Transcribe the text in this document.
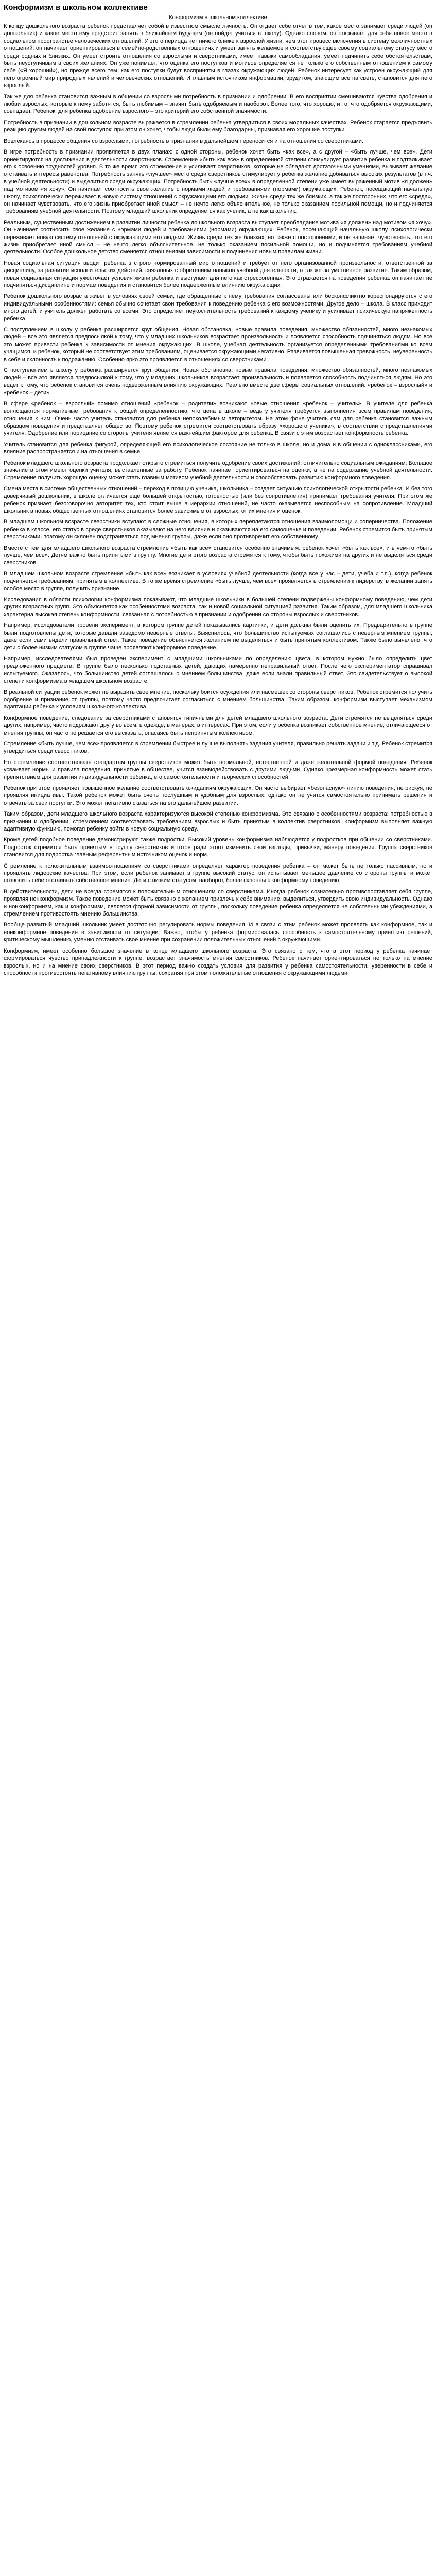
Конформизм в школьном коллективе
Конформизм в школьном коллективе

К концу дошкольного возраста ребенок представляет собой в известном смысле личность. Он отдает себе отчет в том, какое место занимает среди людей (он дошкольник) и какое место ему предстоит занять в ближайшем будущем (он пойдет учиться в школу). Однако словом, он открывает для себя новое место в социальном пространстве человеческих отношений. У этого периода нет ничего ближе к взрослой жизни, чем этот процесс включения в систему межличностных отношений: он начинает ориентироваться в семейно-родственных отношениях и умеет занять желаемое и соответствующее своему социальному статусу место среди родных и близких. Он умеет строить отношения со взрослыми и сверстниками, имеет навыки самообладания, умеет подчинить себе обстоятельствам, быть неуступчивым в своих желаниях. Он уже понимает, что оценка его поступков и мотивов определяется не только его собственным отношением к самому себе («Я хороший»), но прежде всего тем, как его поступки будут восприняты в глазах окружающих людей. Ребенок интересует как устроен окружающий для него огромный мир природных явлений и человеческих отношений. И главным источником информации, эрудитом, знающим все на свете, становится для него взрослый.

Так же для ребенка становится важным в общении со взрослыми потребность в признании и одобрении. В его восприятии смешиваются чувства одобрения и любви взрослых, которые к нему заботятся, быть любимым – значит быть одобряемым и наоборот. Более того, что хорошо, и то, что одобряется окружающими, совпадает. Ребенок, для ребенка одобрение взрослого – это критерий его собственной значимости.

Потребность в признании в дошкольном возрасте выражается в стремлении ребенка утвердиться в своих моральных качествах. Ребенок старается предъявить реакцию другим людей на свой поступок: при этом он хочет, чтобы люди были ему благодарны, признавая его хорошие поступки.

Вовлекаясь в процессе общения со взрослыми, потребность в признании в дальнейшем переносится и на отношения со сверстниками.

В игре потребность в признании проявляется в двух планах: с одной стороны, ребенок хочет быть «как все», а с другой – «быть лучше, чем все». Дети ориентируются на достижения в деятельности сверстников. Стремление «быть как все» в определенной степени стимулирует развитие ребенка и подталкивает его к освоению трудностей уровня. В то же время это стремление и усиливает сверстников, которые не обладают достаточными умениями, вызывает желание отстаивать интересы равенства. Потребность занять «лучшее» место среди сверстников стимулирует у ребенка желание добиваться высоких результатов (в т.ч. в учебной деятельности) и выделиться среди окружающих. Потребность быть «лучше всех» в определенной степени уже имеет выраженный мотив «я должен» над мотивом «я хочу». Он начинает соотносить свое желание с нормами людей и требованиями (нормами) окружающих. Ребенок, посещающий начальную школу, психологически переживает в новую систему отношений с окружающими его людьми. Жизнь среди тех же близких, а так же посторонних, что его «среда», он начинает чувствовать, что его жизнь приобретает иной смысл – не нечто легко объяснительное, не только оказанием посильной помощи, но и подчиняется требованиям учебной деятельности. Поэтому младший школьник определяется как ученик, а не как школьник.

Реальным, существенным достижением в развитии личности ребенка дошкольного возраста выступает преобладание мотива «я должен» над мотивом «я хочу». Он начинает соотносить свое желание с нормами людей и требованиями (нормами) окружающих. Ребенок, посещающий начальную школу, психологически переживает новую систему отношений с окружающими его людьми. Жизнь среди тех же близких, но также с посторонними, и он начинает чувствовать, что его жизнь приобретает иной смысл – не нечто легко объяснительное, не только оказанием посильной помощи, но и подчиняется требованиям учебной деятельности. Особое дошкольное детство сменяется отношениями зависимости и подчинения новым правилам жизни.

Новая социальная ситуация вводит ребенка в строго нормированный мир отношений и требует от него организованной произвольности, ответственной за дисциплину, за развитие исполнительских действий, связанных с обретением навыков учебной деятельности, а так же за умственное развитие. Таким образом, новая социальная ситуация ужесточает условия жизни ребенка и выступает для него как стрессогенная. Это отражается на поведении ребенка: он начинает не подчиняться дисциплине и нормам поведения и становится более подверженным влиянию окружающих.

Ребенок дошкольного возраста живет в условиях своей семьи, где обращенные к нему требования согласованы или бесконфликтно кореспондируются с его индивидуальными особенностями: семья обычно сочетает свои требования к поведению ребенка с его возможностями. Другое дело – школа. В класс приходит много детей, и учитель должен работать со всеми. Это определяет неукоснительность требований к каждому ученику и усиливает психическую напряженность ребенка.

С поступлением в школу у ребенка расширяется круг общения. Новая обстановка, новые правила поведения, множество обязанностей, много незнакомых людей – все это является предпосылкой к тому, что у младших школьников возрастает произвольность и появляется способность подчиняться людям. Но все это может привести ребенка к зависимости от мнения окружающих. В школе, учебная деятельность организуется определенными требованиями ко всем учащимся, и ребенок, который не соответствует этим требованиям, оценивается окружающими негативно. Развивается повышенная тревожность, неуверенность в себе и склонность к подражанию. Особенно ярко это проявляется в отношениях со сверстниками.

С поступлением в школу у ребенка расширяется круг общения. Новая обстановка, новые правила поведения, множество обязанностей, много незнакомых людей – все это является предпосылкой к тому, что у младших школьников возрастает произвольность и появляется способность подчиняться людям. Но это ведет к тому, что ребенок становится очень подверженным влиянию окружающих. Реально вместе две сферы социальных отношений: «ребенок – взрослый» и «ребенок – дети».

В сфере «ребенок – взрослый» помимо отношений «ребенок – родители» возникают новые отношения «ребенок – учитель». В учителе для ребенка воплощаются нормативные требования к общей определенностию, что цена в школе – ведь у учителя требуется выполнения всем правилам поведения, отношения к ним. Очень часто учитель становится для ребенка непоколебимым авторитетом. На этом фоне учитель сам для ребенка становится важным образцом поведения и представляет общество. Поэтому ребенок стремится соответствовать образу «хорошего ученика», в соответствии с представлениями учителя. Одобрение или порицание со стороны учителя является важнейшим фактором для ребенка. В связи с этим возрастает конформность ребенка.

Учитель становится для ребенка фигурой, определяющей его психологическое состояние не только в школе, но и дома и в общении с одноклассниками, его влияние распространяется и на отношения в семье.

Ребенок младшего школьного возраста продолжает открыто стремиться получить одобрение своих достижений, отличительно социальным ожиданиям. Большое значение в этом имеют оценки учителя, выставленные за работу. Ребенок начинает ориентироваться на оценки, а не на содержание учебной деятельности. Стремление получить хорошую оценку может стать главным мотивом учебной деятельности и способствовать развитию конформного поведения.

Смена места в системе общественных отношений – переход в позицию ученика, школьника – создает ситуацию психологической открытости ребенка. И без того доверчивый дошкольник, в школе отличается еще большей открытостью, готовностью (или без сопротивления) принимает требования учителя. При этом же ребенок признает безоговорочно авторитет тех, кто стоит выше в иерархии отношений, не часто оказывается неспособным на сопротивление. Младший школьник в новых общественных отношениях становится более зависимым от взрослых, от их мнения и оценок.

В младшем школьном возрасте сверстники вступают в сложные отношения, в которых переплетаются отношения взаимопомощи и соперничества. Положение ребенка в классе, его статус в среде сверстников оказывают на него влияние и сказываются на его самооценке и поведении. Ребенок стремится быть принятым сверстниками, поэтому он склонен подстраиваться под мнения группы, даже если оно противоречит его собственному.

Вместе с тем для младшего школьного возраста стремление «быть как все» становится особенно значимым: ребенок хочет «быть как все», и в чем-то «быть лучше, чем все». Детям важно быть принятыми в группу. Многие дети этого возраста стремятся к тому, чтобы быть похожими на других и не выделяться среди сверстников.

В младшем школьном возрасте стремление «быть как все» возникает в условиях учебной деятельности (когда все у нас – дети, учеба и т.п.), когда ребенок подчиняется требованиям, принятым в коллективе. В то же время стремление «быть лучше, чем все» проявляется в стремлении к лидерству, в желании занять особое место в группе, получить признание.

Исследования в области психологии конформизма показывают, что младшие школьники в большей степени подвержены конформному поведению, чем дети других возрастных групп. Это объясняется как особенностями возраста, так и новой социальной ситуацией развития. Таким образом, для младшего школьника характерна высокая степень конформности, связанная с потребностью в признании и одобрении со стороны взрослых и сверстников.

Например, исследователи провели эксперимент, в котором группе детей показывались картинки, и дети должны были оценить их. Предварительно в группе были подготовлены дети, которые давали заведомо неверные ответы. Выяснилось, что большинство испытуемых соглашались с неверным мнением группы, даже если сами видели правильный ответ. Такое поведение объясняется желанием не выделяться и быть принятым коллективом. Также было выявлено, что дети с более низким статусом в группе чаще проявляют конформное поведение.

Например, исследователями был проведен эксперимент с младшими школьниками по определению цвета, в котором нужно было определить цвет предложенного предмета. В группе было несколько подставных детей, дающих намеренно неправильный ответ. После чего экспериментатор спрашивал испытуемого. Оказалось, что большинство детей соглашалось с мнением большинства, даже если знали правильный ответ. Это свидетельствует о высокой степени конформизма в младшем школьном возрасте.

В реальной ситуации ребенок может не выразить свое мнение, поскольку боится осуждения или насмешек со стороны сверстников. Ребенок стремится получить одобрение и признание от группы, поэтому часто предпочитает согласиться с мнением большинства. Таким образом, конформизм выступает механизмом адаптации ребенка к условиям школьного коллектива.

Конформное поведение, следование за сверстниками становятся типичными для детей младшего школьного возраста. Дети стремятся не выделяться среди других, например, часто подражают другу во всем: в одежде, в манерах, в интересах. При этом, если у ребенка возникает собственное мнение, отличающееся от мнения группы, он часто не решается его высказать, опасаясь быть непринятым коллективом.

Стремление «быть лучше, чем все» проявляется в стремлении быстрее и лучше выполнять задания учителя, правильно решать задачи и т.д. Ребенок стремится утвердиться среди сверстников.

Но стремление соответствовать стандартам группы сверстников может быть нормальной, естественной и даже желательной формой поведения. Ребенок усваивает нормы и правила поведения, принятые в обществе, учится взаимодействовать с другими людьми. Однако чрезмерная конформность может стать препятствием для развития индивидуальности ребенка, его самостоятельности и творческих способностей.

Ребенок при этом проявляет повышенное желание соответствовать ожиданиям окружающих. Он часто выбирает «безопасную» линию поведения, не рискуя, не проявляя инициативы. Такой ребенок может быть очень послушным и удобным для взрослых, однако он не учится самостоятельно принимать решения и отвечать за свои поступки. Это может негативно сказаться на его дальнейшем развитии.

Таким образом, дети младшего школьного возраста характеризуются высокой степенью конформизма. Это связано с особенностями возраста: потребностью в признании и одобрении, стремлением соответствовать требованиям взрослых и быть принятым в коллектив сверстников. Конформизм выполняет важную адаптивную функцию, помогая ребенку войти в новую социальную среду.

Кроме детей подобное поведение демонстрируют также подростки. Высокий уровень конформизма наблюдается у подростков при общении со сверстниками. Подросток стремится быть принятым в группу сверстников и готов ради этого изменить свои взгляды, привычки, манеру поведения. Группа сверстников становится для подростка главным референтным источником оценок и норм.

Стремление к положительным взаимоотношениям со сверстниками определяет характер поведения ребенка – он может быть не только пассивным, но и проявлять лидерские качества. При этом, если ребенок занимает в группе высокий статус, он испытывает меньшее давление со стороны группы и может позволить себе отстаивать собственное мнение. Дети с низким статусом, наоборот, более склонны к конформному поведению.

В действительности, дети не всегда стремятся к положительным отношениям со сверстниками. Иногда ребенок сознательно противопоставляет себя группе, проявляя нонконформизм. Такое поведение может быть связано с желанием привлечь к себе внимание, выделиться, утвердить свою индивидуальность. Однако и нонконформизм, как и конформизм, является формой зависимости от группы, поскольку поведение ребенка определяется не собственными убеждениями, а стремлением противостоять мнению большинства.

Вообще развитый младший школьник умеет достаточно регулировать нормы поведения. И в связи с этим ребенок может проявлять как конформное, так и нонконформное поведение в зависимости от ситуации. Важно, чтобы у ребенка формировалась способность к самостоятельному принятию решений, критическому мышлению, умению отстаивать свое мнение при сохранении положительных отношений с окружающими.

Конформизм, имеет особенно большое значение в конце младшего школьного возраста. Это связано с тем, что в этот период у ребенка начинает формироваться чувство принадлежности к группе, возрастает значимость мнения сверстников. Ребенок начинает ориентироваться не только на мнение взрослых, но и на мнение своих сверстников. В этот период важно создать условия для развития у ребенка самостоятельности, уверенности в себе и способности противостоять негативному влиянию группы, сохраняя при этом положительные отношения с окружающими людьми.
